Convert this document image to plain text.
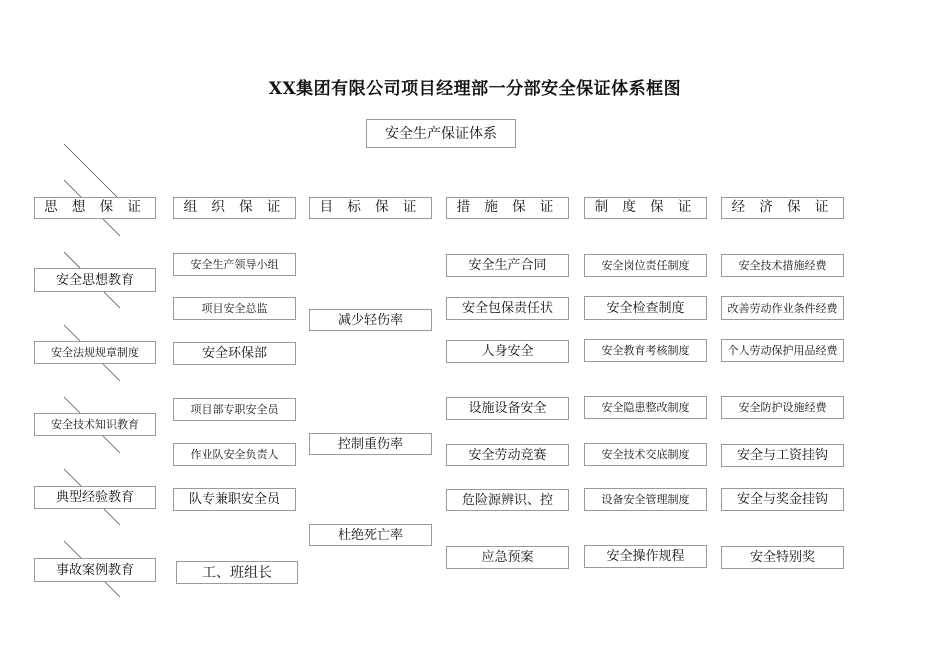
XX集团有限公司项目经理部一分部安全保证体系框图
安全生产保证体系
思 想 保 证
安全思想教育
安全法规规章制度
安全技术知识教育
典型经验教育
事故案例教育
组 织 保 证
安全生产领导小组
项目安全总监
安全环保部
项目部专职安全员
作业队安全负责人
队专兼职安全员
工、班组长
目 标 保 证
减少轻伤率
控制重伤率
杜绝死亡率
措 施 保 证
安全生产合同
安全包保责任状
人身安全
设施设备安全
安全劳动竞赛
危险源辨识、控
应急预案
制 度 保 证
安全岗位责任制度
安全检查制度
安全教育考核制度
安全隐患整改制度
安全技术交底制度
设备安全管理制度
安全操作规程
经 济 保 证
安全技术措施经费
改善劳动作业条件经费
个人劳动保护用品经费
安全防护设施经费
安全与工资挂钩
安全与奖金挂钩
安全特别奖
